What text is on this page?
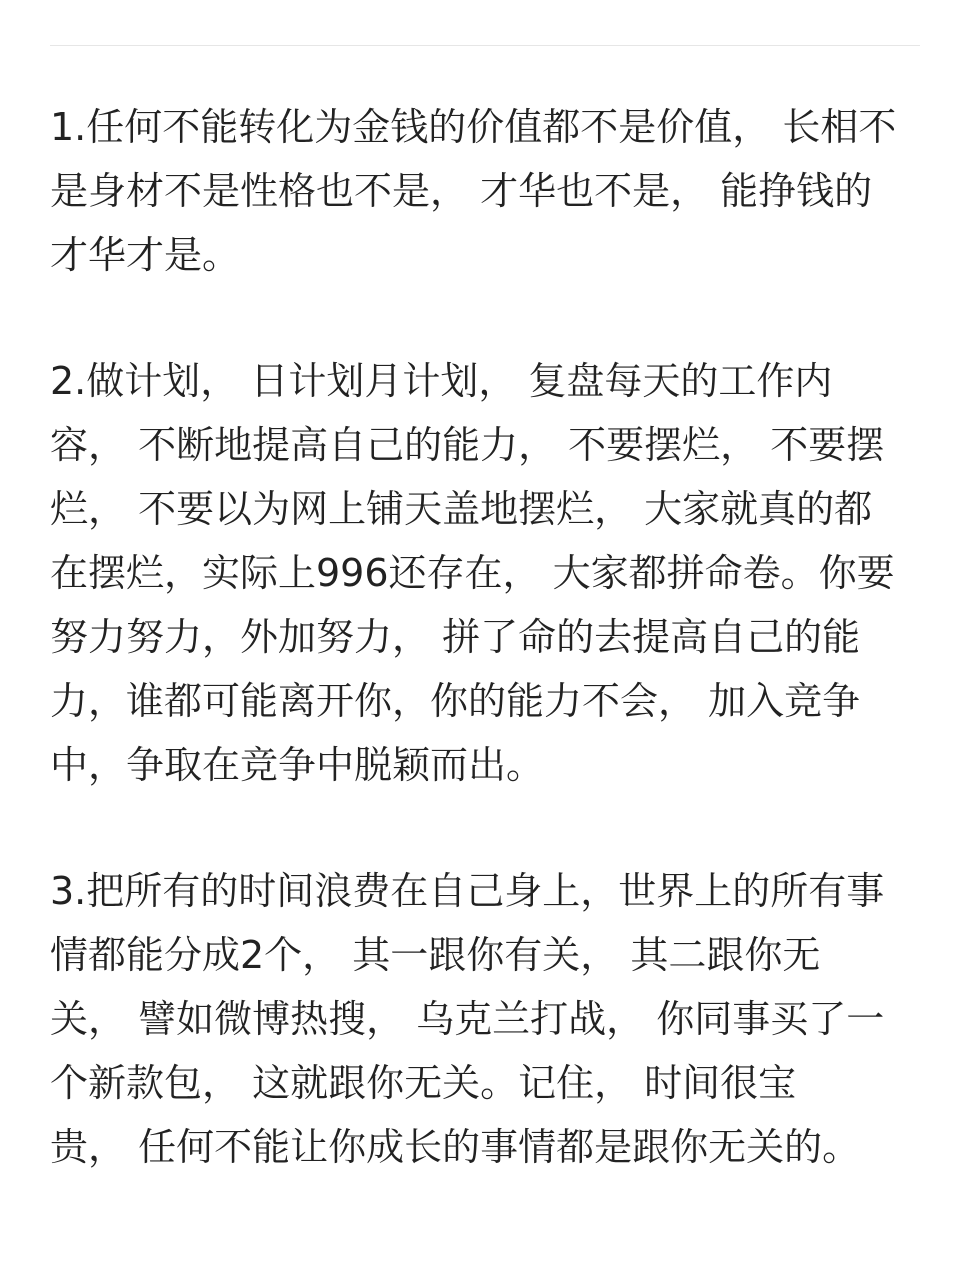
1.任何不能转化为金钱的价值都不是价值， 长相不
是身材不是性格也不是， 才华也不是， 能挣钱的
才华才是。
2.做计划， 日计划月计划， 复盘每天的工作内
容， 不断地提高自己的能力， 不要摆烂， 不要摆
烂， 不要以为网上铺天盖地摆烂， 大家就真的都
在摆烂，实际上996还存在， 大家都拼命卷。你要
努力努力，外加努力， 拼了命的去提高自己的能
力，谁都可能离开你，你的能力不会， 加入竞争
中，争取在竞争中脱颖而出。
3.把所有的时间浪费在自己身上，世界上的所有事
情都能分成2个， 其一跟你有关， 其二跟你无
关， 譬如微博热搜， 乌克兰打战， 你同事买了一
个新款包， 这就跟你无关。记住， 时间很宝
贵， 任何不能让你成长的事情都是跟你无关的。
